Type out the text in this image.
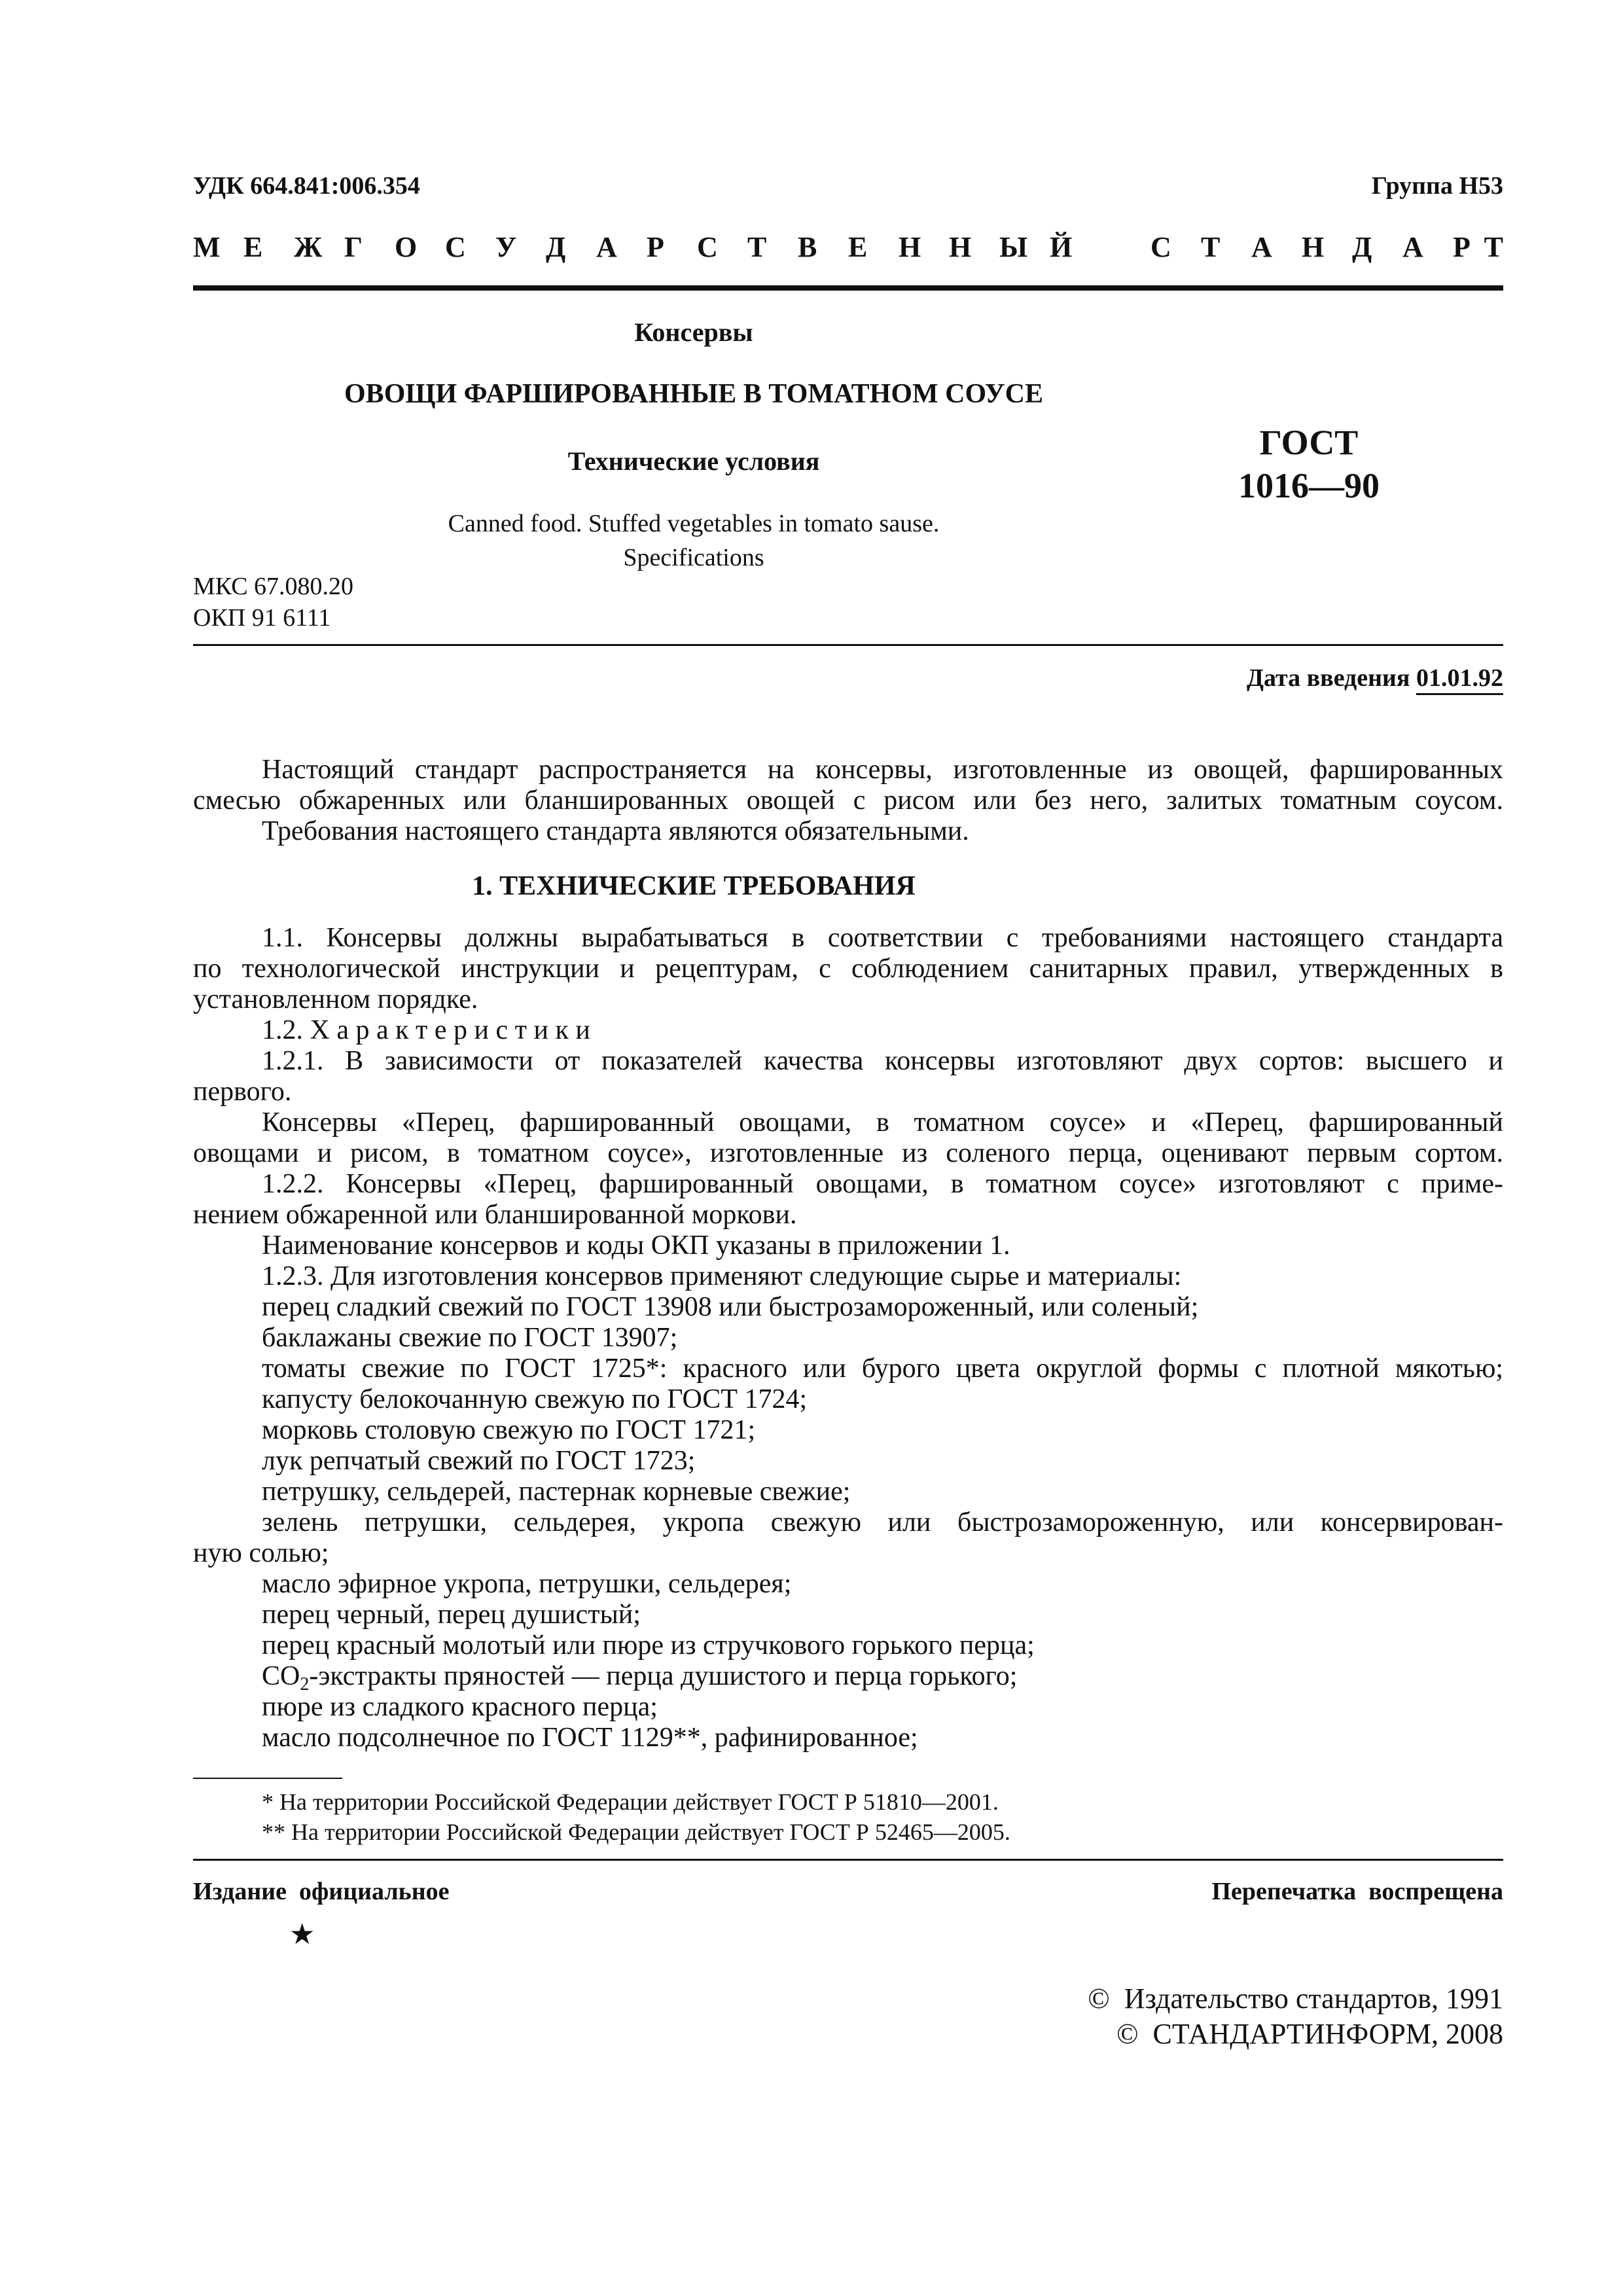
УДК 664.841:006.354	Группа Н53
М Е Ж Г О С У Д А Р С Т В Е Н Н Ы Й	С Т А Н Д А Р Т
Консервы
ОВОЩИ ФАРШИРОВАННЫЕ В ТОМАТНОМ СОУСЕ
Технические условия	ГОСТ
1016—90
Canned food. Stuffed vegetables in tomato sause.
Specifications
МКС 67.080.20
ОКП 91 6111
Дата введения 01.01.92
Настоящий стандарт распространяется на консервы, изготовленные из овощей, фаршированных
смесью обжаренных или бланшированных овощей с рисом или без него, залитых томатным соусом.
Требования настоящего стандарта являются обязательными.
1. ТЕХНИЧЕСКИЕ ТРЕБОВАНИЯ
1.1. Консервы должны вырабатываться в соответствии с требованиями настоящего стандарта
по технологической инструкции и рецептурам, с соблюдением санитарных правил, утвержденных в
установленном порядке.
1.2. Х а р а к т е р и с т и к и
1.2.1. В зависимости от показателей качества консервы изготовляют двух сортов: высшего и
первого.
Консервы «Перец, фаршированный овощами, в томатном соусе» и «Перец, фаршированный
овощами и рисом, в томатном соусе», изготовленные из соленого перца, оценивают первым сортом.
1.2.2. Консервы «Перец, фаршированный овощами, в томатном соусе» изготовляют с приме-
нением обжаренной или бланшированной моркови.
Наименование консервов и коды ОКП указаны в приложении 1.
1.2.3. Для изготовления консервов применяют следующие сырье и материалы:
перец сладкий свежий по ГОСТ 13908 или быстрозамороженный, или соленый;
баклажаны свежие по ГОСТ 13907;
томаты свежие по ГОСТ 1725*: красного или бурого цвета округлой формы с плотной мякотью;
капусту белокочанную свежую по ГОСТ 1724;
морковь столовую свежую по ГОСТ 1721;
лук репчатый свежий по ГОСТ 1723;
петрушку, сельдерей, пастернак корневые свежие;
зелень петрушки, сельдерея, укропа свежую или быстрозамороженную, или консервирован-
ную солью;
масло эфирное укропа, петрушки, сельдерея;
перец черный, перец душистый;
перец красный молотый или пюре из стручкового горького перца;
$CO_2$-экстракты пряностей — перца душистого и перца горького;
пюре из сладкого красного перца;
масло подсолнечное по ГОСТ 1129**, рафинированное;
* На территории Российской Федерации действует ГОСТ Р 51810—2001.
** На территории Российской Федерации действует ГОСТ Р 52465—2005.
Издание  официальное	Перепечатка  воспрещена
★
©  Издательство стандартов, 1991
©  СТАНДАРТИНФОРМ, 2008
